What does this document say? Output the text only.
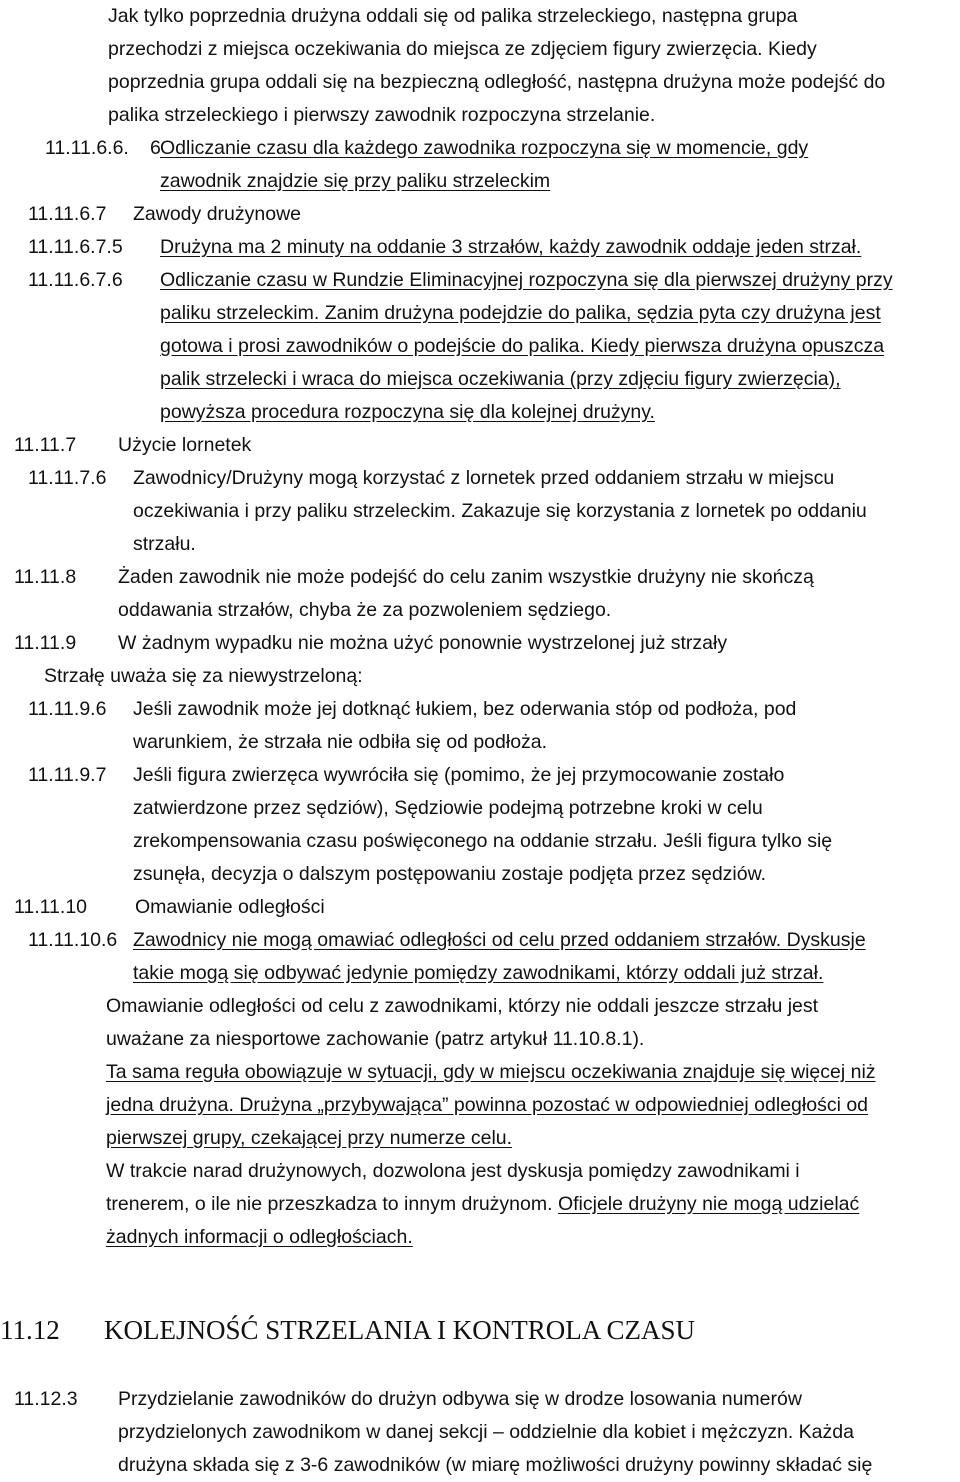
Jak tylko poprzednia drużyna oddali się od palika strzeleckiego, następna grupa
przechodzi z miejsca oczekiwania do miejsca ze zdjęciem figury zwierzęcia. Kiedy
poprzednia grupa oddali się na bezpieczną odległość, następna drużyna może podejść do
palika strzeleckiego i pierwszy zawodnik rozpoczyna strzelanie.
11.11.6.6. 6 Odliczanie czasu dla każdego zawodnika rozpoczyna się w momencie, gdy
zawodnik znajdzie się przy paliku strzeleckim
11.11.6.7 Zawody drużynowe
11.11.6.7.5 Drużyna ma 2 minuty na oddanie 3 strzałów, każdy zawodnik oddaje jeden strzał.
11.11.6.7.6 Odliczanie czasu w Rundzie Eliminacyjnej rozpoczyna się dla pierwszej drużyny przy
paliku strzeleckim. Zanim drużyna podejdzie do palika, sędzia pyta czy drużyna jest
gotowa i prosi zawodników o podejście do palika. Kiedy pierwsza drużyna opuszcza
palik strzelecki i wraca do miejsca oczekiwania (przy zdjęciu figury zwierzęcia),
powyższa procedura rozpoczyna się dla kolejnej drużyny.
11.11.7 Użycie lornetek
11.11.7.6 Zawodnicy/Drużyny mogą korzystać z lornetek przed oddaniem strzału w miejscu
oczekiwania i przy paliku strzeleckim. Zakazuje się korzystania z lornetek po oddaniu
strzału.
11.11.8 Żaden zawodnik nie może podejść do celu zanim wszystkie drużyny nie skończą
oddawania strzałów, chyba że za pozwoleniem sędziego.
11.11.9 W żadnym wypadku nie można użyć ponownie wystrzelonej już strzały
Strzałę uważa się za niewystrzeloną:
11.11.9.6 Jeśli zawodnik może jej dotknąć łukiem, bez oderwania stóp od podłoża, pod
warunkiem, że strzała nie odbiła się od podłoża.
11.11.9.7 Jeśli figura zwierzęca wywróciła się (pomimo, że jej przymocowanie zostało
zatwierdzone przez sędziów), Sędziowie podejmą potrzebne kroki w celu
zrekompensowania czasu poświęconego na oddanie strzału. Jeśli figura tylko się
zsunęła, decyzja o dalszym postępowaniu zostaje podjęta przez sędziów.
11.11.10 Omawianie odległości
11.11.10.6 Zawodnicy nie mogą omawiać odległości od celu przed oddaniem strzałów. Dyskusje
takie mogą się odbywać jedynie pomiędzy zawodnikami, którzy oddali już strzał.
Omawianie odległości od celu z zawodnikami, którzy nie oddali jeszcze strzału jest
uważane za niesportowe zachowanie (patrz artykuł 11.10.8.1).
Ta sama reguła obowiązuje w sytuacji, gdy w miejscu oczekiwania znajduje się więcej niż
jedna drużyna. Drużyna „przybywająca” powinna pozostać w odpowiedniej odległości od
pierwszej grupy, czekającej przy numerze celu.
W trakcie narad drużynowych, dozwolona jest dyskusja pomiędzy zawodnikami i
trenerem, o ile nie przeszkadza to innym drużynom. Oficjele drużyny nie mogą udzielać
żadnych informacji o odległościach.
11.12 KOLEJNOŚĆ STRZELANIA I KONTROLA CZASU
11.12.3 Przydzielanie zawodników do drużyn odbywa się w drodze losowania numerów
przydzielonych zawodnikom w danej sekcji – oddzielnie dla kobiet i mężczyzn. Każda
drużyna składa się z 3-6 zawodników (w miarę możliwości drużyny powinny składać się
